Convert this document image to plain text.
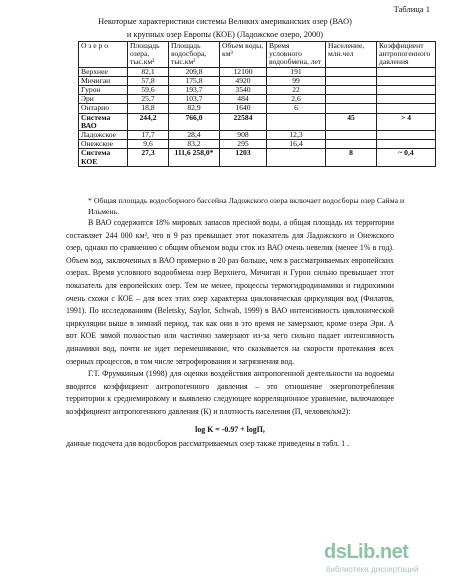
Таблица 1
Некоторые характеристики системы Великих американских озер (ВАО)
и крупных озер Европы (КОЕ) (Ладожское озеро, 2000)
О з е р о	Площадь озера, тыс.км²	Площадь водосбора, тыс.км²	Объем воды, км³	Время условного водообмена, лет	Население, млн.чел	Коэффициент антропогенного давления
Верхнее	82,1	209,8	12100	191		
Мичиган	57,8	175,8	4920	99		
Гурон	59,6	193,7	3540	22		
Эри	25,7	103,7	484	2,6		
Онтарио	18,8	82,9	1640	6		
Система ВАО	244,2	766,0	22584		45	> 4
Ладожское	17,7	28,4	908	12,3		
Онежское	9,6	83,2	295	16,4		
Система КОЕ	27,3	111,6 258,0*	1203		8	~ 0,4
* Общая площадь водосборного бассейна Ладожского озера включает водосборы озер Сайма и Ильмень.

В ВАО содержится 18% мировых запасов пресной воды, а общая площадь их территории составляет 244 000 км², что в 9 раз превышает этот показатель для Ладожского и Онежского озер, однако по сравнению с общим объемом воды сток из ВАО очень невелик (менее 1% в год). Объем вод, заключенных в ВАО примерно в 20 раз больше, чем в рассматриваемых европейских озерах. Время условного водообмена озер Верхнего, Мичиган и Гурон сильно превышает этот показатель для европейских озер. Тем не менее, процессы термогидродинамики и гидрохимии очень схожи с КОЕ – для всех этих озер характерна циклоническая циркуляция вод (Филатов, 1991). По исследованиям (Beletsky, Saylor, Schwab, 1999) в ВАО интенсивность циклонической циркуляции выше в зимний период, так как они в это время не замерзают, кроме озера Эри. А вот КОЕ зимой полностью или частично замерзают из-за чего сильно падает интенсивность динамики вод, почти не идет перемешивание, что сказывается на скорости протекания всех озерных процессов, в том числе эвтрофирования и загрязнения вод.

Г.Т. Фрумкиным (1998) для оценки воздействия антропогенной деятельности на водоемы вводится коэффициент антропогенного давления – это отношение энергопотребления территории к среднемировому и выявлено следующее корреляционное уравнение, включающее коэффициент антропогенного давления (К) и плотность населения (П, человек/км2):

log K = -0.97 + logП,

данные подсчета для водосборов рассматриваемых озер также приведены в табл. 1 .

dsLib.net
библиотека диссертаций
